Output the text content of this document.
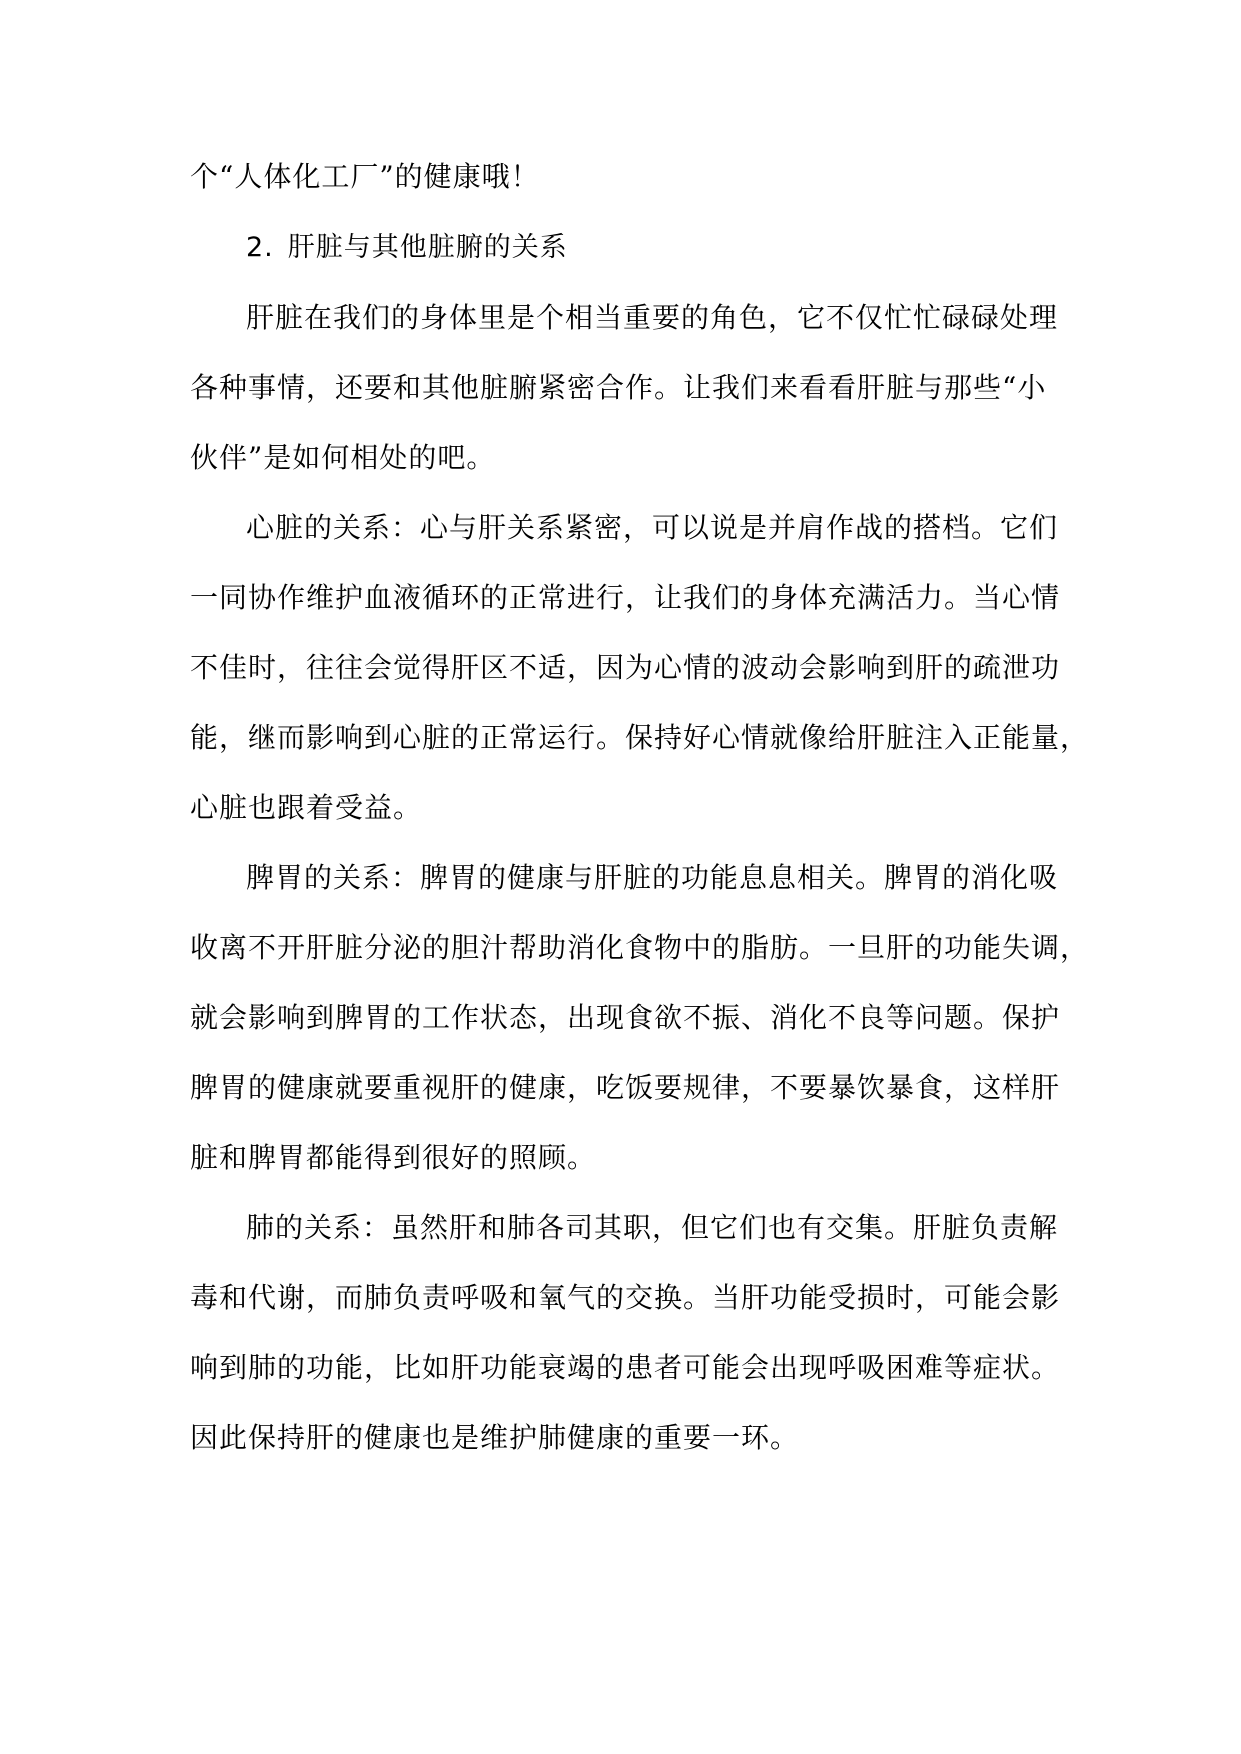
个“人体化工厂”的健康哦！
2. 肝脏与其他脏腑的关系
肝脏在我们的身体里是个相当重要的角色，它不仅忙忙碌碌处理
各种事情，还要和其他脏腑紧密合作。让我们来看看肝脏与那些“小
伙伴”是如何相处的吧。
心脏的关系：心与肝关系紧密，可以说是并肩作战的搭档。它们
一同协作维护血液循环的正常进行，让我们的身体充满活力。当心情
不佳时，往往会觉得肝区不适，因为心情的波动会影响到肝的疏泄功
能，继而影响到心脏的正常运行。保持好心情就像给肝脏注入正能量，
心脏也跟着受益。
脾胃的关系：脾胃的健康与肝脏的功能息息相关。脾胃的消化吸
收离不开肝脏分泌的胆汁帮助消化食物中的脂肪。一旦肝的功能失调，
就会影响到脾胃的工作状态，出现食欲不振、消化不良等问题。保护
脾胃的健康就要重视肝的健康，吃饭要规律，不要暴饮暴食，这样肝
脏和脾胃都能得到很好的照顾。
肺的关系：虽然肝和肺各司其职，但它们也有交集。肝脏负责解
毒和代谢，而肺负责呼吸和氧气的交换。当肝功能受损时，可能会影
响到肺的功能，比如肝功能衰竭的患者可能会出现呼吸困难等症状。
因此保持肝的健康也是维护肺健康的重要一环。
